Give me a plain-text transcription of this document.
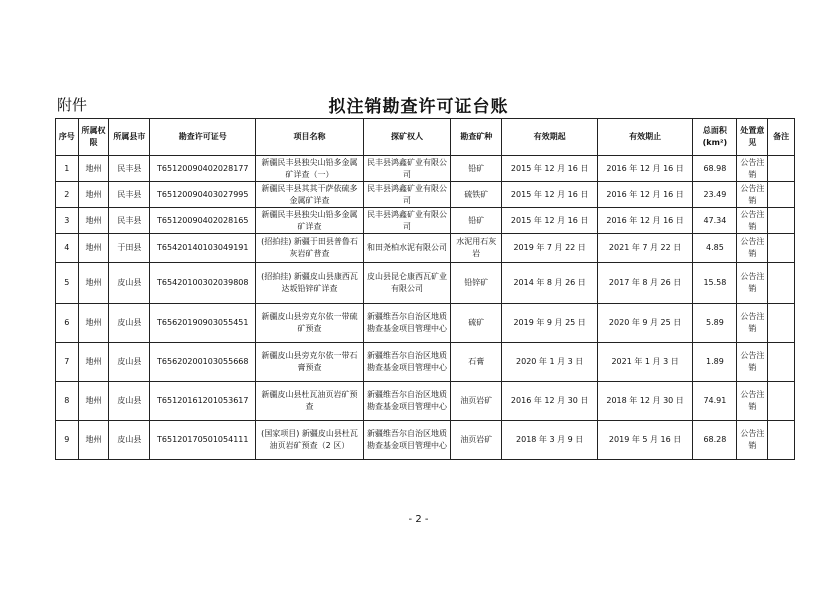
附件	拟注销勘查许可证台账
序号	所属权限	所属县市	勘查许可证号	项目名称	探矿权人	勘查矿种	有效期起	有效期止	总面积(km²)	处置意见	备注
1	地州	民丰县	T65120090402028177	新疆民丰县独尖山铅多金属矿详查（一）	民丰县鸿鑫矿业有限公司	铅矿	2015 年 12 月 16 日	2016 年 12 月 16 日	68.98	公告注销	
2	地州	民丰县	T65120090403027995	新疆民丰县其其干萨依硫多金属矿详查	民丰县鸿鑫矿业有限公司	硫铁矿	2015 年 12 月 16 日	2016 年 12 月 16 日	23.49	公告注销	
3	地州	民丰县	T65120090402028165	新疆民丰县独尖山铅多金属矿详查	民丰县鸿鑫矿业有限公司	铅矿	2015 年 12 月 16 日	2016 年 12 月 16 日	47.34	公告注销	
4	地州	于田县	T65420140103049191	(招拍挂) 新疆于田县普鲁石灰岩矿普查	和田尧柏水泥有限公司	水泥用石灰岩	2019 年 7 月 22 日	2021 年 7 月 22 日	4.85	公告注销	
5	地州	皮山县	T65420100302039808	(招拍挂) 新疆皮山县康西瓦达坂铅锌矿详查	皮山县昆仑康西瓦矿业有限公司	铅锌矿	2014 年 8 月 26 日	2017 年 8 月 26 日	15.58	公告注销	
6	地州	皮山县	T65620190903055451	新疆皮山县旁克尔依一带硫矿预查	新疆维吾尔自治区地质勘查基金项目管理中心	硫矿	2019 年 9 月 25 日	2020 年 9 月 25 日	5.89	公告注销	
7	地州	皮山县	T65620200103055668	新疆皮山县旁克尔依一带石膏预查	新疆维吾尔自治区地质勘查基金项目管理中心	石膏	2020 年 1 月 3 日	2021 年 1 月 3 日	1.89	公告注销	
8	地州	皮山县	T65120161201053617	新疆皮山县杜瓦油页岩矿预查	新疆维吾尔自治区地质勘查基金项目管理中心	油页岩矿	2016 年 12 月 30 日	2018 年 12 月 30 日	74.91	公告注销	
9	地州	皮山县	T65120170501054111	(国家项目) 新疆皮山县杜瓦油页岩矿预查（2 区）	新疆维吾尔自治区地质勘查基金项目管理中心	油页岩矿	2018 年 3 月 9 日	2019 年 5 月 16 日	68.28	公告注销	
- 2 -
